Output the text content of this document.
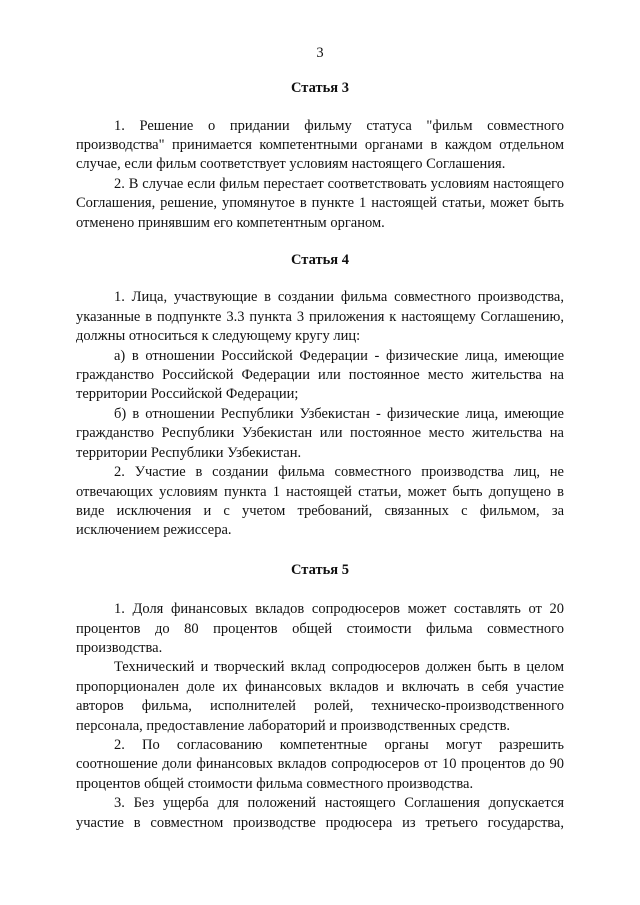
3
Статья 3

1. Решение о придании фильму статуса "фильм совместного производства" принимается компетентными органами в каждом отдельном случае, если фильм соответствует условиям настоящего Соглашения.

2. В случае если фильм перестает соответствовать условиям настоящего Соглашения, решение, упомянутое в пункте 1 настоящей статьи, может быть отменено принявшим его компетентным органом.

Статья 4

1. Лица, участвующие в создании фильма совместного производства, указанные в подпункте 3.3 пункта 3 приложения к настоящему Соглашению, должны относиться к следующему кругу лиц:

а) в отношении Российской Федерации - физические лица, имеющие гражданство Российской Федерации или постоянное место жительства на территории Российской Федерации;

б) в отношении Республики Узбекистан - физические лица, имеющие гражданство Республики Узбекистан или постоянное место жительства на территории Республики Узбекистан.

2. Участие в создании фильма совместного производства лиц, не отвечающих условиям пункта 1 настоящей статьи, может быть допущено в виде исключения и с учетом требований, связанных с фильмом, за исключением режиссера.

Статья 5

1. Доля финансовых вкладов сопродюсеров может составлять от 20 процентов до 80 процентов общей стоимости фильма совместного производства.

Технический и творческий вклад сопродюсеров должен быть в целом пропорционален доле их финансовых вкладов и включать в себя участие авторов фильма, исполнителей ролей, техническо-производственного персонала, предоставление лабораторий и производственных средств.

2. По согласованию компетентные органы могут разрешить соотношение доли финансовых вкладов сопродюсеров от 10 процентов до 90 процентов общей стоимости фильма совместного производства.

3. Без ущерба для положений настоящего Соглашения допускается участие в совместном производстве продюсера из третьего государства,
